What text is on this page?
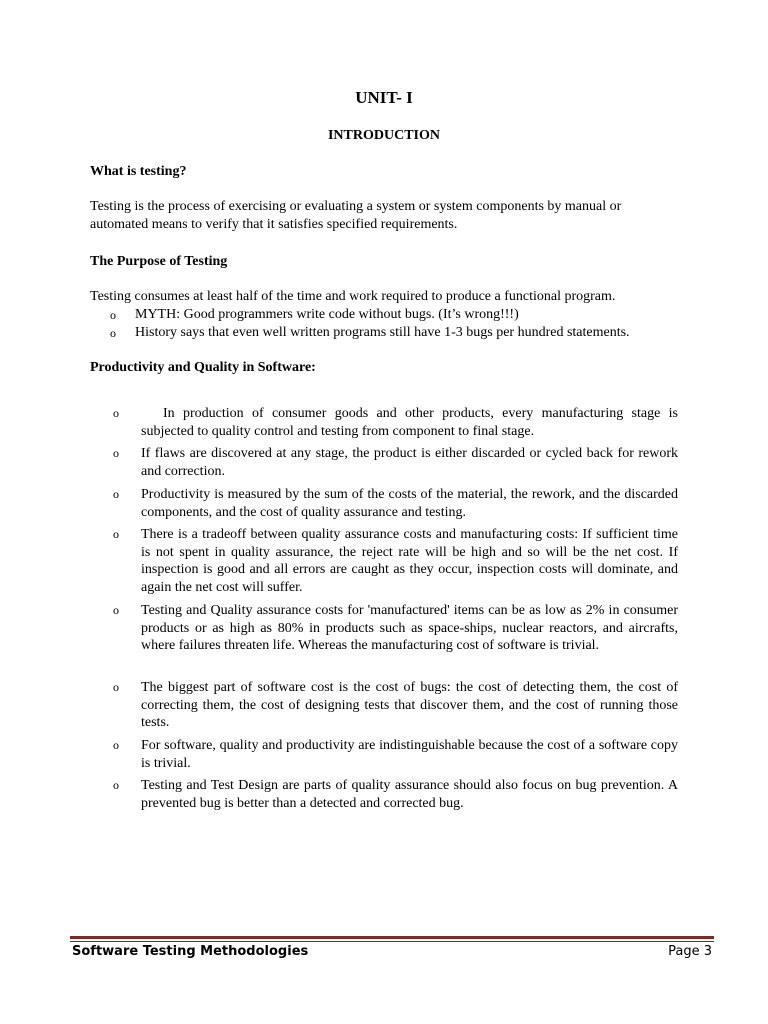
UNIT- I
INTRODUCTION

What is testing?

Testing is the process of exercising or evaluating a system or system components by manual or automated means to verify that it satisfies specified requirements.

The Purpose of Testing

Testing consumes at least half of the time and work required to produce a functional program.

o	MYTH: Good programmers write code without bugs. (It’s wrong!!!)
o	History says that even well written programs still have 1-3 bugs per hundred statements.

Productivity and Quality in Software:

o	In production of consumer goods and other products, every manufacturing stage is subjected to quality control and testing from component to final stage.
o If flaws are discovered at any stage, the product is either discarded or cycled back for rework and correction.
o Productivity is measured by the sum of the costs of the material, the rework, and the discarded components, and the cost of quality assurance and testing.
o There is a tradeoff between quality assurance costs and manufacturing costs: If sufficient time is not spent in quality assurance, the reject rate will be high and so will be the net cost. If inspection is good and all errors are caught as they occur, inspection costs will dominate, and again the net cost will suffer.
o Testing and Quality assurance costs for 'manufactured' items can be as low as 2% in consumer products or as high as 80% in products such as space-ships, nuclear reactors, and aircrafts, where failures threaten life. Whereas the manufacturing cost of software is trivial.
o The biggest part of software cost is the cost of bugs: the cost of detecting them, the cost of correcting them, the cost of designing tests that discover them, and the cost of running those tests.
o For software, quality and productivity are indistinguishable because the cost of a software copy is trivial.
o Testing and Test Design are parts of quality assurance should also focus on bug prevention. A prevented bug is better than a detected and corrected bug.
Software Testing Methodologies	Page 3
